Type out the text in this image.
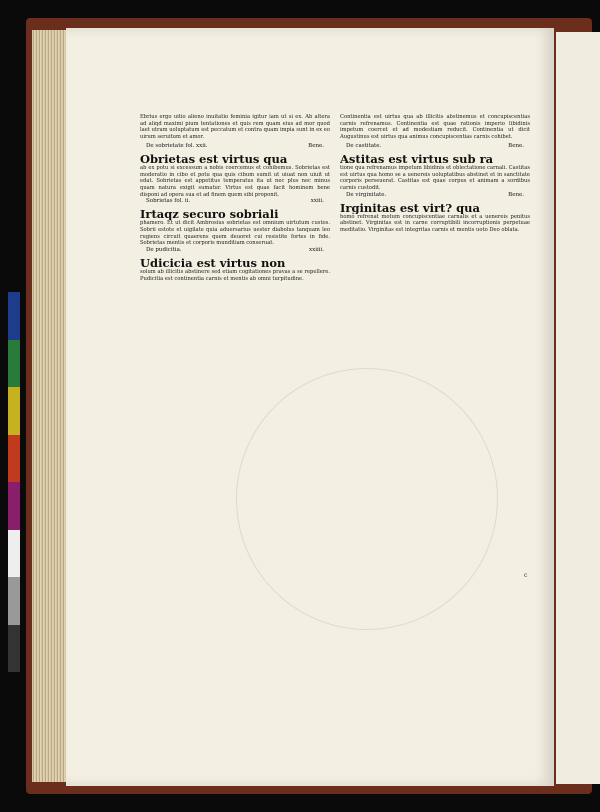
Ebrius ergo uitio alieno inuitatio feminia igitur iam ut si ex. Ab altera ad aliqd maximi pium tentationes et quis rem quam eius ad mor quod laet utram uoluptatum est peccatum et contra quam impia sunt in ex eo uirum seruitum et amor.

De sobrietate fol. xxii.	Bene.
Obrietas est virtus qua

ab ex potu si excessum a nobis coercemus et cohibemus. Sobrietas est moderatio in cibo et potu qua quis cibum sumit ut uiuat non uiuit ut edat. Sobrietas est appetitus temperatus ita ut nec plus nec minus quam natura exigit sumatur. Virtus est quae facit hominem bene disponi ad opera sua et ad finem quem sibi proponit.

Sobrietas fol. ii.	xxiii.
Irtaqz securo sobriali

phamero. Et ut dicit Ambrosius sobrietas est omnium uirtutum custos. Sobrii estote et uigilate quia aduersarius uester diabolus tanquam leo rugiens circuit quaerens quem deuoret cui resistite fortes in fide. Sobrietas mentis et corporis munditiam conseruat.

De pudicitia.	xxiiii.
Udicicia est virtus non

solum ab illicitis abstinere sed etiam cogitationes pravas a se repellere. Pudicitia est continentia carnis et mentis ab omni turpitudine.

Continentia est uirtus qua ab illicitis abstinemus et concupiscentias carnis refrenamus. Continentia est quae rationis imperio libidinis impetum coercet et ad modestiam reducit. Continentia ut dicit Augustinus est uirtus qua animus concupiscentias carnis cohibet.

De castitate.	Bene.
Astitas est virtus sub ra

tione qua refrenamus impetum libidinis et oblectatione carnali. Castitas est uirtus qua homo se a uenereis uoluptatibus abstinet et in sanctitate corporis perseuerat. Castitas est quae corpus et animam a sordibus carnis custodit.

De virginitate.	Bene.
Irginitas est virt? qua

homo refrenat motum concupiscentiae carnalis et a uenereis penitus abstinet. Virginitas est in carne corruptibili incorruptionis perpetuae meditatio. Virginitas est integritas carnis et mentis uoto Deo oblata.

c
